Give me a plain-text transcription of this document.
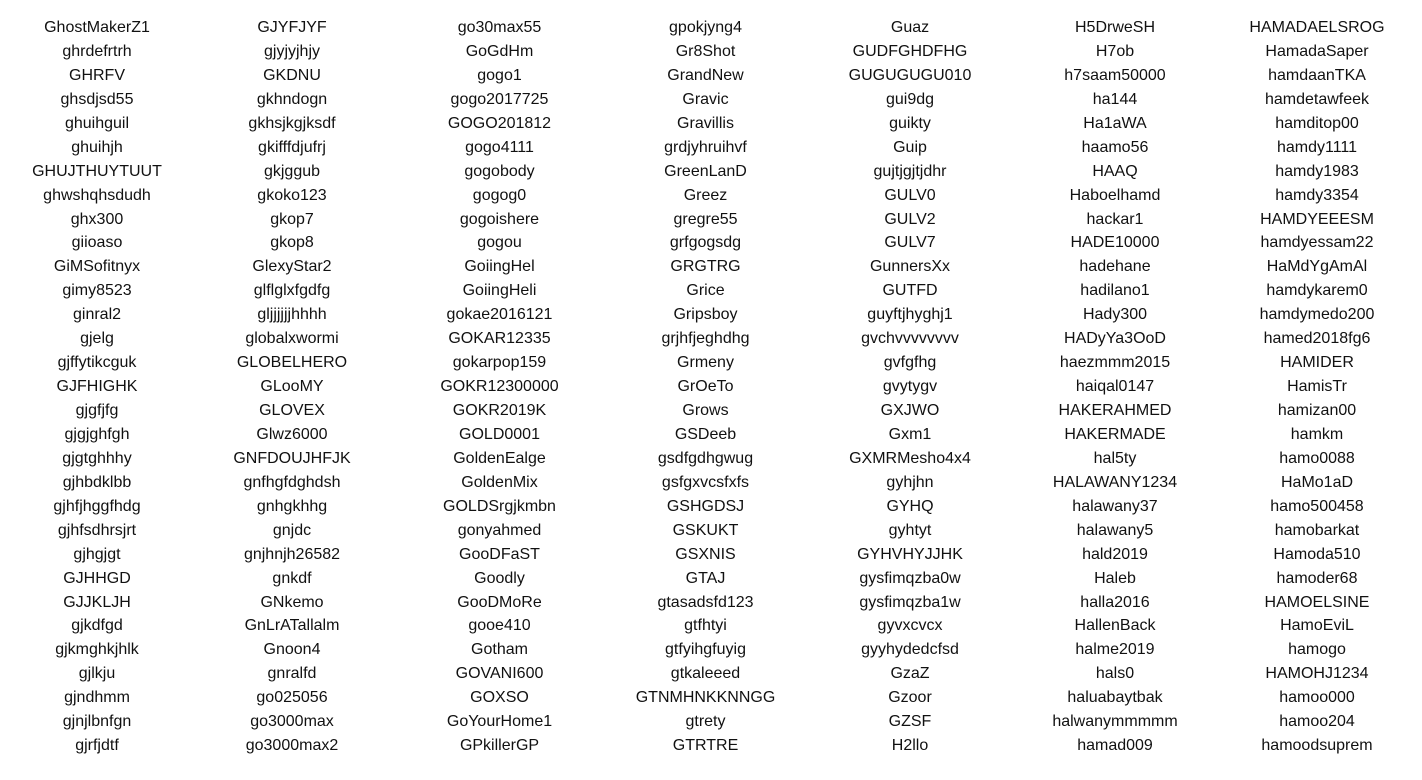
GhostMakerZ1
ghrdefrtrh
GHRFV
ghsdjsd55
ghuihguil
ghuihjh
GHUJTHUYTUUT
ghwshqhsdudh
ghx300
giioaso
GiMSofitnyx
gimy8523
ginral2
gjelg
gjffytikcguk
GJFHIGHK
gjgfjfg
gjgjghfgh
gjgtghhhy
gjhbdklbb
gjhfjhggfhdg
gjhfsdhrsjrt
gjhgjgt
GJHHGD
GJJKLJH
gjkdfgd
gjkmghkjhlk
gjlkju
gjndhmm
gjnjlbnfgn
gjrfjdtf
GJYFJYF
gjyjyjhjy
GKDNU
gkhndogn
gkhsjkgjksdf
gkifffdjufrj
gkjggub
gkoko123
gkop7
gkop8
GlexyStar2
glflglxfgdfg
gljjjjjjhhhh
globalxwormi
GLOBELHERO
GLooMY
GLOVEX
Glwz6000
GNFDOUJHFJK
gnfhgfdghdsh
gnhgkhhg
gnjdc
gnjhnjh26582
gnkdf
GNkemo
GnLrATallalm
Gnoon4
gnralfd
go025056
go3000max
go3000max2
go30max55
GoGdHm
gogo1
gogo2017725
GOGO201812
gogo4111
gogobody
gogog0
gogoishere
gogou
GoiingHel
GoiingHeli
gokae2016121
GOKAR12335
gokarpop159
GOKR12300000
GOKR2019K
GOLD0001
GoldenEalge
GoldenMix
GOLDSrgjkmbn
gonyahmed
GooDFaST
Goodly
GooDMoRe
gooe410
Gotham
GOVANI600
GOXSO
GoYourHome1
GPkillerGP
gpokjyng4
Gr8Shot
GrandNew
Gravic
Gravillis
grdjyhruihvf
GreenLanD
Greez
gregre55
grfgogsdg
GRGTRG
Grice
Gripsboy
grjhfjeghdhg
Grmeny
GrOeTo
Grows
GSDeeb
gsdfgdhgwug
gsfgxvcsfxfs
GSHGDSJ
GSKUKT
GSXNIS
GTAJ
gtasadsfd123
gtfhtyi
gtfyihgfuyig
gtkaleeed
GTNMHNKKNNGG
gtrety
GTRTRE
Guaz
GUDFGHDFHG
GUGUGUGU010
gui9dg
guikty
Guip
gujtjgjtjdhr
GULV0
GULV2
GULV7
GunnersXx
GUTFD
guyftjhyghj1
gvchvvvvvvvv
gvfgfhg
gvytygv
GXJWO
Gxm1
GXMRMesho4x4
gyhjhn
GYHQ
gyhtyt
GYHVHYJJHK
gysfimqzba0w
gysfimqzba1w
gyvxcvcx
gyyhydedcfsd
GzaZ
Gzoor
GZSF
H2llo
H5DrweSH
H7ob
h7saam50000
ha144
Ha1aWA
haamo56
HAAQ
Haboelhamd
hackar1
HADE10000
hadehane
hadilano1
Hady300
HADyYa3OoD
haezmmm2015
haiqal0147
HAKERAHMED
HAKERMADE
hal5ty
HALAWANY1234
halawany37
halawany5
hald2019
Haleb
halla2016
HallenBack
halme2019
hals0
haluabaytbak
halwanymmmmm
hamad009
HAMADAELSROG
HamadaSaper
hamdaanTKA
hamdetawfeek
hamditop00
hamdy1111
hamdy1983
hamdy3354
HAMDYEEESM
hamdyessam22
HaMdYgAmAl
hamdykarem0
hamdymedo200
hamed2018fg6
HAMIDER
HamisTr
hamizan00
hamkm
hamo0088
HaMo1aD
hamo500458
hamobarkat
Hamoda510
hamoder68
HAMOELSINE
HamoEviL
hamogo
HAMOHJ1234
hamoo000
hamoo204
hamoodsuprem
